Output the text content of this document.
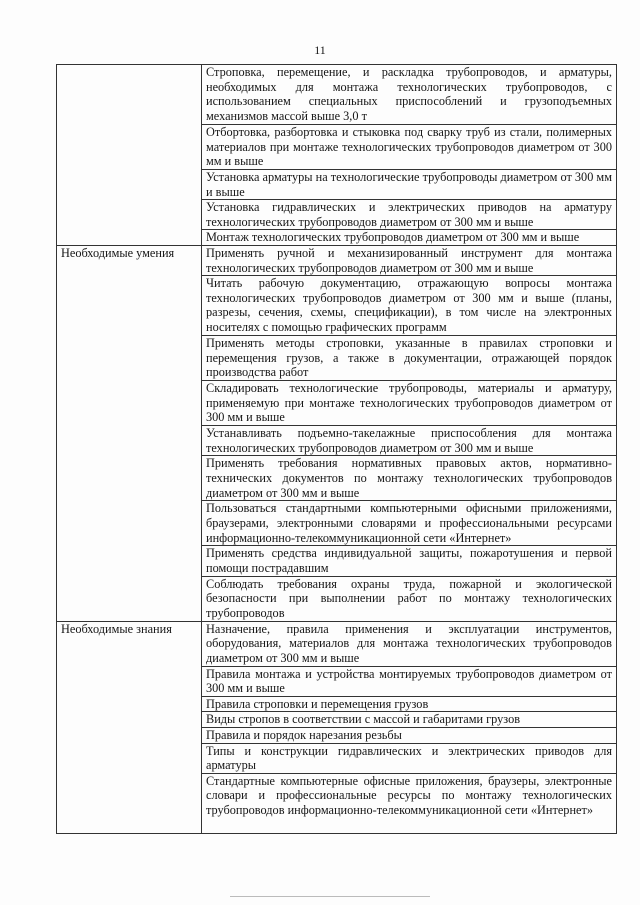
11
	Строповка, перемещение, и раскладка трубопроводов, и арматуры, необходимых для монтажа технологических трубопроводов, с использованием специальных приспособлений и грузоподъемных механизмов массой выше 3,0 т
	Отбортовка, разбортовка и стыковка под сварку труб из стали, полимерных материалов при монтаже технологических трубопроводов диаметром от 300 мм и выше
	Установка арматуры на технологические трубопроводы диаметром от 300 мм и выше
	Установка гидравлических и электрических приводов на арматуру технологических трубопроводов диаметром от 300 мм и выше
	Монтаж технологических трубопроводов диаметром от 300 мм и выше
Необходимые умения	Применять ручной и механизированный инструмент для монтажа технологических трубопроводов диаметром от 300 мм и выше
	Читать рабочую документацию, отражающую вопросы монтажа технологических трубопроводов диаметром от 300 мм и выше (планы, разрезы, сечения, схемы, спецификации), в том числе на электронных носителях с помощью графических программ
	Применять методы строповки, указанные в правилах строповки и перемещения грузов, а также в документации, отражающей порядок производства работ
	Складировать технологические трубопроводы, материалы и арматуру, применяемую при монтаже технологических трубопроводов диаметром от 300 мм и выше
	Устанавливать подъемно-такелажные приспособления для монтажа технологических трубопроводов диаметром от 300 мм и выше
	Применять требования нормативных правовых актов, нормативно-технических документов по монтажу технологических трубопроводов диаметром от 300 мм и выше
	Пользоваться стандартными компьютерными офисными приложениями, браузерами, электронными словарями и профессиональными ресурсами информационно-телекоммуникационной сети «Интернет»
	Применять средства индивидуальной защиты, пожаротушения и первой помощи пострадавшим
	Соблюдать требования охраны труда, пожарной и экологической безопасности при выполнении работ по монтажу технологических трубопроводов
Необходимые знания	Назначение, правила применения и эксплуатации инструментов, оборудования, материалов для монтажа технологических трубопроводов диаметром от 300 мм и выше
	Правила монтажа и устройства монтируемых трубопроводов диаметром от 300 мм и выше
	Правила строповки и перемещения грузов
	Виды стропов в соответствии с массой и габаритами грузов
	Правила и порядок нарезания резьбы
	Типы и конструкции гидравлических и электрических приводов для арматуры
	Стандартные компьютерные офисные приложения, браузеры, электронные словари и профессиональные ресурсы по монтажу технологических трубопроводов информационно-телекоммуникационной сети «Интернет»
